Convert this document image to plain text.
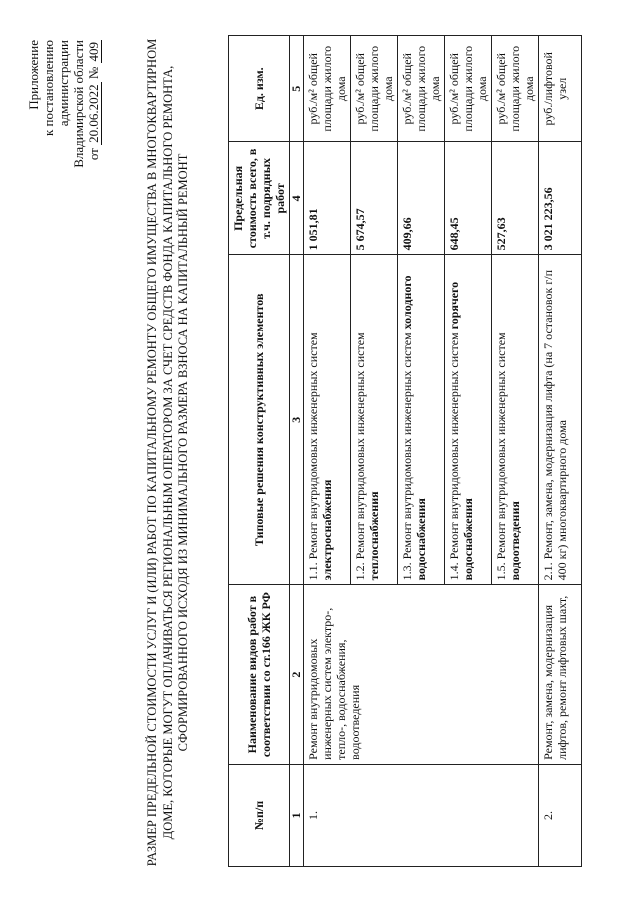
Приложение к постановлению администрации Владимирской области от 20.06.2022 № 409	РАЗМЕР ПРЕДЕЛЬНОЙ СТОИМОСТИ УСЛУГ И (ИЛИ) РАБОТ ПО КАПИТАЛЬНОМУ РЕМОНТУ ОБЩЕГО ИМУЩЕСТВА В МНОГОКВАРТИРНОМ ДОМЕ, КОТОРЫЕ МОГУТ ОПЛАЧИВАТЬСЯ РЕГИОНАЛЬНЫМ ОПЕРАТОРОМ ЗА СЧЕТ СРЕДСТВ ФОНДА КАПИТАЛЬНОГО РЕМОНТА, СФОРМИРОВАННОГО ИСХОДЯ ИЗ МИНИМАЛЬНОГО РАЗМЕРА ВЗНОСА НА КАПИТАЛЬНЫЙ РЕМОНТ
№п/п	Наименование видов работ в соответствии со ст.166 ЖК РФ	Типовые решения конструктивных элементов	Предельная стоимость всего, в т.ч. подрядных работ	Ед. изм.
1	2	3	4	5
1.	Ремонт внутридомовых инженерных систем электро-, тепло-, водоснабжения, водоотведения	1.1. Ремонт внутридомовых инженерных систем электроснабжения	1 051,81	руб./м² общей площади жилого дома
		1.2. Ремонт внутридомовых инженерных систем теплоснабжения	5 674,57	руб./м² общей площади жилого дома
		1.3. Ремонт внутридомовых инженерных систем холодного водоснабжения	409,66	руб./м² общей площади жилого дома
		1.4. Ремонт внутридомовых инженерных систем горячего водоснабжения	648,45	руб./м² общей площади жилого дома
		1.5. Ремонт внутридомовых инженерных систем водоотведения	527,63	руб./м² общей площади жилого дома
2.	Ремонт, замена, модернизация лифтов, ремонт лифтовых шахт,	2.1. Ремонт, замена, модернизация лифта (на 7 остановок г/п 400 кг) многоквартирного дома	3 021 223,56	руб./лифтовой узел
